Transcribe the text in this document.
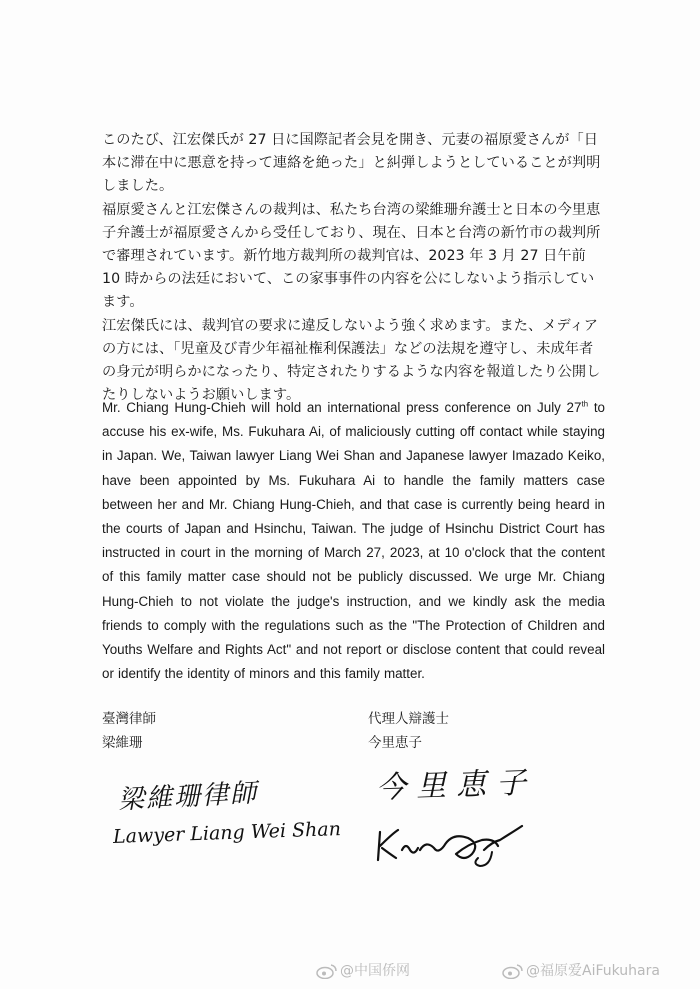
このたび、江宏傑氏が 27 日に国際記者会見を開き、元妻の福原愛さんが「日本に滞在中に悪意を持って連絡を絶った」と糾弾しようとしていることが判明しました。

福原愛さんと江宏傑さんの裁判は、私たち台湾の梁維珊弁護士と日本の今里恵子弁護士が福原愛さんから受任しており、現在、日本と台湾の新竹市の裁判所で審理されています。新竹地方裁判所の裁判官は、2023 年 3 月 27 日午前 10 時からの法廷において、この家事事件の内容を公にしないよう指示しています。

江宏傑氏には、裁判官の要求に違反しないよう強く求めます。また、メディアの方には、「児童及び青少年福祉権利保護法」などの法規を遵守し、未成年者の身元が明らかになったり、特定されたりするような内容を報道したり公開したりしないようお願いします。

Mr. Chiang Hung-Chieh will hold an international press conference on July 27th to accuse his ex-wife, Ms. Fukuhara Ai, of maliciously cutting off contact while staying in Japan. We, Taiwan lawyer Liang Wei Shan and Japanese lawyer Imazado Keiko, have been appointed by Ms. Fukuhara Ai to handle the family matters case between her and Mr. Chiang Hung-Chieh, and that case is currently being heard in the courts of Japan and Hsinchu, Taiwan. The judge of Hsinchu District Court has instructed in court in the morning of March 27, 2023, at 10 o'clock that the content of this family matter case should not be publicly discussed. We urge Mr. Chiang Hung-Chieh to not violate the judge's instruction, and we kindly ask the media friends to comply with the regulations such as the "The Protection of Children and Youths Welfare and Rights Act" and not report or disclose content that could reveal or identify the identity of minors and this family matter.

臺灣律師
梁維珊
代理人辯護士
今里恵子
梁維珊律師
Lawyer Liang Wei Shan
今里恵子
@中国侨网	@福原爱AiFukuhara
